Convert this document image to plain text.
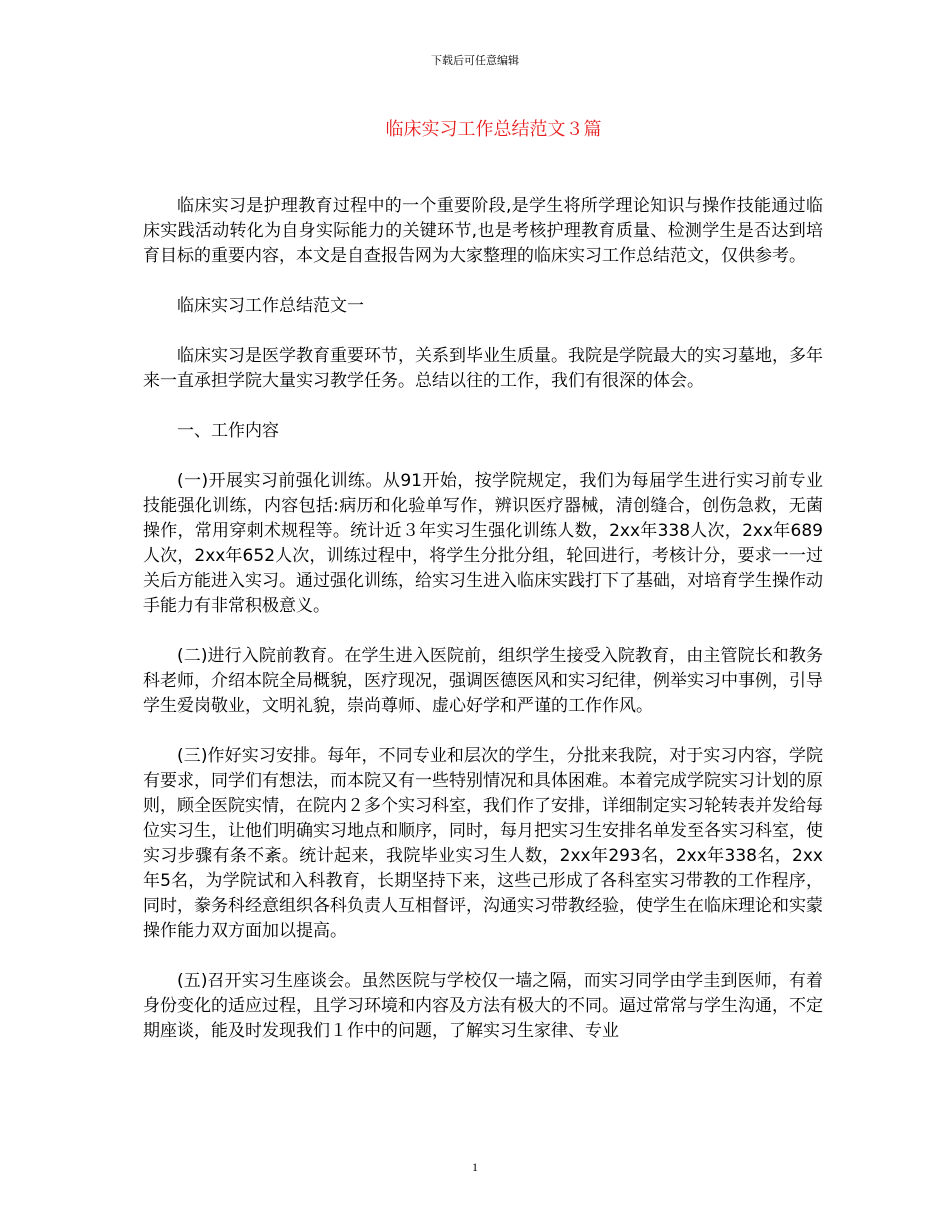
下载后可任意编辑
临床实习工作总结范文３篇

临床实习是护理教育过程中的一个重要阶段,是学生将所学理论知识与操作技能通过临床实践活动转化为自身实际能力的关键环节,也是考核护理教育质量、检测学生是否达到培育目标的重要内容，本文是自查报告网为大家整理的临床实习工作总结范文，仅供参考。

临床实习工作总结范文一

临床实习是医学教育重要环节，关系到毕业生质量。我院是学院最大的实习墓地，多年来一直承担学院大量实习教学任务。总结以往的工作，我们有很深的体会。

一、工作内容

(一)开展实习前强化训练。从91开始，按学院规定，我们为每届学生进行实习前专业技能强化训练，内容包括:病历和化验单写作，辨识医疗器械，清创缝合，创伤急救，无菌操作，常用穿刺术规程等。统计近３年实习生强化训练人数，2xx年338人次，2xx年689人次，2xx年652人次，训练过程中，将学生分批分组，轮回进行，考核计分，要求一一过关后方能进入实习。通过强化训练，给实习生进入临床实践打下了基础，对培育学生操作动手能力有非常积极意义。

(二)进行入院前教育。在学生进入医院前，组织学生接受入院教育，由主管院长和教务科老师，介绍本院全局概貌，医疗现况，强调医德医风和实习纪律，例举实习中事例，引导学生爱岗敬业，文明礼貌，崇尚尊师、虚心好学和严谨的工作作风。

(三)作好实习安排。每年，不同专业和层次的学生，分批来我院，对于实习内容，学院有要求，同学们有想法，而本院又有一些特别情况和具体困难。本着完成学院实习计划的原则，顾全医院实情，在院内２多个实习科室，我们作了安排，详细制定实习轮转表并发给每位实习生，让他们明确实习地点和顺序，同时，每月把实习生安排名单发至各实习科室，使实习步骤有条不紊。统计起来，我院毕业实习生人数，2xx年293名，2xx年338名，2xx年5名，为学院试和入科教育，长期坚持下来，这些己形成了各科室实习带教的工作程序，同时，豢务科经意组织各科负责人互相督评，沟通实习带教经验，使学生在临床理论和实蒙操作能力双方面加以提高。

(五)召开实习生座谈会。虽然医院与学校仅一墙之隔，而实习同学由学圭到医师，有着身份变化的适应过程，且学习环境和内容及方法有极大的不同。逼过常常与学生沟通，不定期座谈，能及时发现我们１作中的问题，了解实习生家律、专业

1
